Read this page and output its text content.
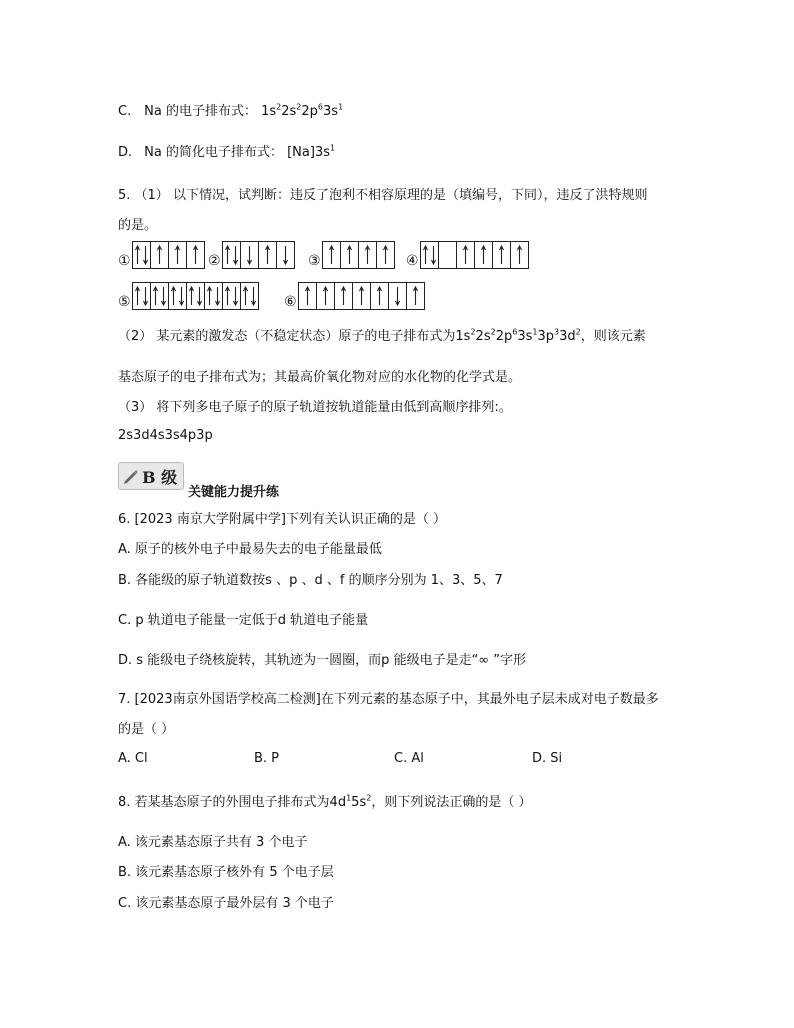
C. Na 的电子排布式： $1s^22s^22p^63s^1$
D. Na 的简化电子排布式： $[Na]3s^1$
5. （1） 以下情况，试判断：违反了泡利不相容原理的是（填编号，下同），违反了洪特规则
的是。
①	②	③	④
⑤	⑥
（2） 某元素的激发态（不稳定状态）原子的电子排布式为$1s^22s^22p^63s^13p^33d^2$，则该元素
基态原子的电子排布式为；其最高价氧化物对应的水化物的化学式是。
（3） 将下列多电子原子的原子轨道按轨道能量由低到高顺序排列:。
2s3d4s3s4p3p
B 级
关键能力提升练
6. [2023 南京大学附属中学]下列有关认识正确的是（ ）
A. 原子的核外电子中最易失去的电子能量最低
B. 各能级的原子轨道数按s 、p 、d 、f 的顺序分别为 1、3、5、7
C. p 轨道电子能量一定低于d 轨道电子能量
D. s 能级电子绕核旋转，其轨迹为一圆圈，而p 能级电子是走“∞ ”字形
7. [2023南京外国语学校高二检测]在下列元素的基态原子中，其最外电子层未成对电子数最多
的是（ ）
A. Cl	B. P	C. Al	D. Si
8. 若某基态原子的外围电子排布式为$4d^15s^2$，则下列说法正确的是（ ）
A. 该元素基态原子共有 3 个电子
B. 该元素基态原子核外有 5 个电子层
C. 该元素基态原子最外层有 3 个电子
